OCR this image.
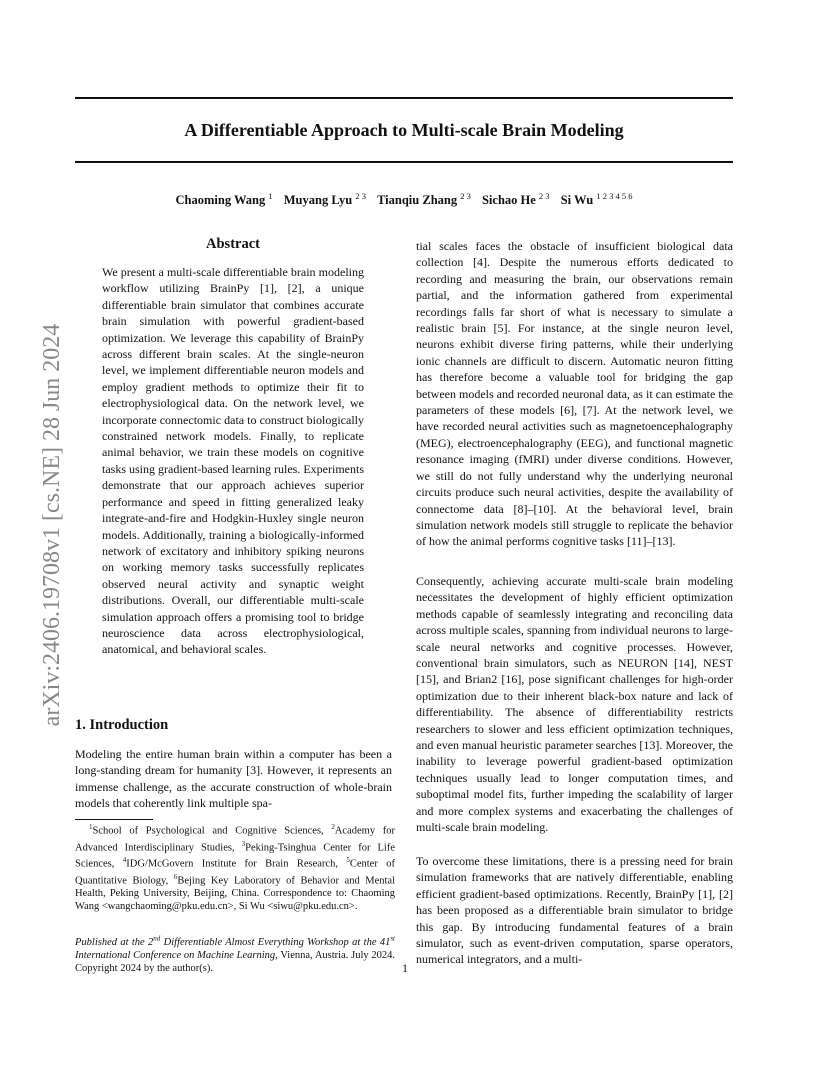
A Differentiable Approach to Multi-scale Brain Modeling
Chaoming Wang $^1$ Muyang Lyu $^{2 3}$ Tianqiu Zhang $^{2 3}$ Sichao He $^{2 3}$ Si Wu $^{1 2 3 4 5 6}$
arXiv:2406.19708v1 [cs.NE] 28 Jun 2024
Abstract

We present a multi-scale differentiable brain modeling workflow utilizing BrainPy [1], [2], a unique differentiable brain simulator that combines accurate brain simulation with powerful gradient-based optimization. We leverage this capability of BrainPy across different brain scales. At the single-neuron level, we implement differentiable neuron models and employ gradient methods to optimize their fit to electrophysiological data. On the network level, we incorporate connectomic data to construct biologically constrained network models. Finally, to replicate animal behavior, we train these models on cognitive tasks using gradient-based learning rules. Experiments demonstrate that our approach achieves superior performance and speed in fitting generalized leaky integrate-and-fire and Hodgkin-Huxley single neuron models. Additionally, training a biologically-informed network of excitatory and inhibitory spiking neurons on working memory tasks successfully replicates observed neural activity and synaptic weight distributions. Overall, our differentiable multi-scale simulation approach offers a promising tool to bridge neuroscience data across electrophysiological, anatomical, and behavioral scales.

1. Introduction

Modeling the entire human brain within a computer has been a long-standing dream for humanity [3]. However, it represents an immense challenge, as the accurate construction of whole-brain models that coherently link multiple spa-

$^1$School of Psychological and Cognitive Sciences, $^2$Academy for Advanced Interdisciplinary Studies, $^3$Peking-Tsinghua Center for Life Sciences, $^4$IDG/McGovern Institute for Brain Research, $^5$Center of Quantitative Biology, $^6$Bejing Key Laboratory of Behavior and Mental Health, Peking University, Beijing, China. Correspondence to: Chaoming Wang <wangchaoming@pku.edu.cn>, Si Wu <siwu@pku.edu.cn>.

Published at the 2nd Differentiable Almost Everything Workshop at the 41st International Conference on Machine Learning, Vienna, Austria. July 2024. Copyright 2024 by the author(s).

tial scales faces the obstacle of insufficient biological data collection [4]. Despite the numerous efforts dedicated to recording and measuring the brain, our observations remain partial, and the information gathered from experimental recordings falls far short of what is necessary to simulate a realistic brain [5]. For instance, at the single neuron level, neurons exhibit diverse firing patterns, while their underlying ionic channels are difficult to discern. Automatic neuron fitting has therefore become a valuable tool for bridging the gap between models and recorded neuronal data, as it can estimate the parameters of these models [6], [7]. At the network level, we have recorded neural activities such as magnetoencephalography (MEG), electroencephalography (EEG), and functional magnetic resonance imaging (fMRI) under diverse conditions. However, we still do not fully understand why the underlying neuronal circuits produce such neural activities, despite the availability of connectome data [8]–[10]. At the behavioral level, brain simulation network models still struggle to replicate the behavior of how the animal performs cognitive tasks [11]–[13].

Consequently, achieving accurate multi-scale brain modeling necessitates the development of highly efficient optimization methods capable of seamlessly integrating and reconciling data across multiple scales, spanning from individual neurons to large-scale neural networks and cognitive processes. However, conventional brain simulators, such as NEURON [14], NEST [15], and Brian2 [16], pose significant challenges for high-order optimization due to their inherent black-box nature and lack of differentiability. The absence of differentiability restricts researchers to slower and less efficient optimization techniques, and even manual heuristic parameter searches [13]. Moreover, the inability to leverage powerful gradient-based optimization techniques usually lead to longer computation times, and suboptimal model fits, further impeding the scalability of larger and more complex systems and exacerbating the challenges of multi-scale brain modeling.

To overcome these limitations, there is a pressing need for brain simulation frameworks that are natively differentiable, enabling efficient gradient-based optimizations. Recently, BrainPy [1], [2] has been proposed as a differentiable brain simulator to bridge this gap. By introducing fundamental features of a brain simulator, such as event-driven computation, sparse operators, numerical integrators, and a multi-

1
